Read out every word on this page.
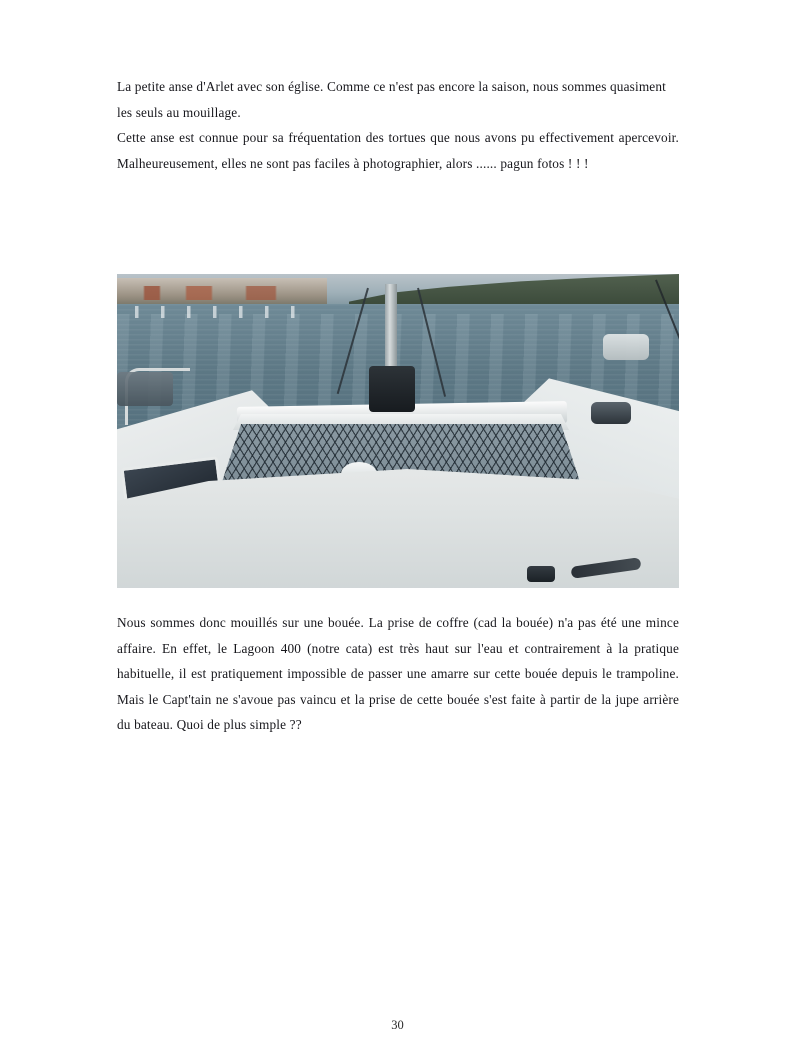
La petite anse d'Arlet avec son église. Comme ce n'est pas encore la saison, nous sommes quasiment les seuls au mouillage.

Cette anse est connue pour sa fréquentation des tortues que nous avons pu effectivement apercevoir. Malheureusement, elles ne sont pas faciles à photographier, alors ...... pagun fotos ! ! !

Nous sommes donc mouillés sur une bouée. La prise de coffre (cad la bouée) n'a pas été une mince affaire. En effet, le Lagoon 400 (notre cata) est très haut sur l'eau et contrairement à la pratique habituelle, il est pratiquement impossible de passer une amarre sur cette bouée depuis le trampoline. Mais le Capt'tain ne s'avoue pas vaincu et la prise de cette bouée s'est faite à partir de la jupe arrière du bateau. Quoi de plus simple ??

30
